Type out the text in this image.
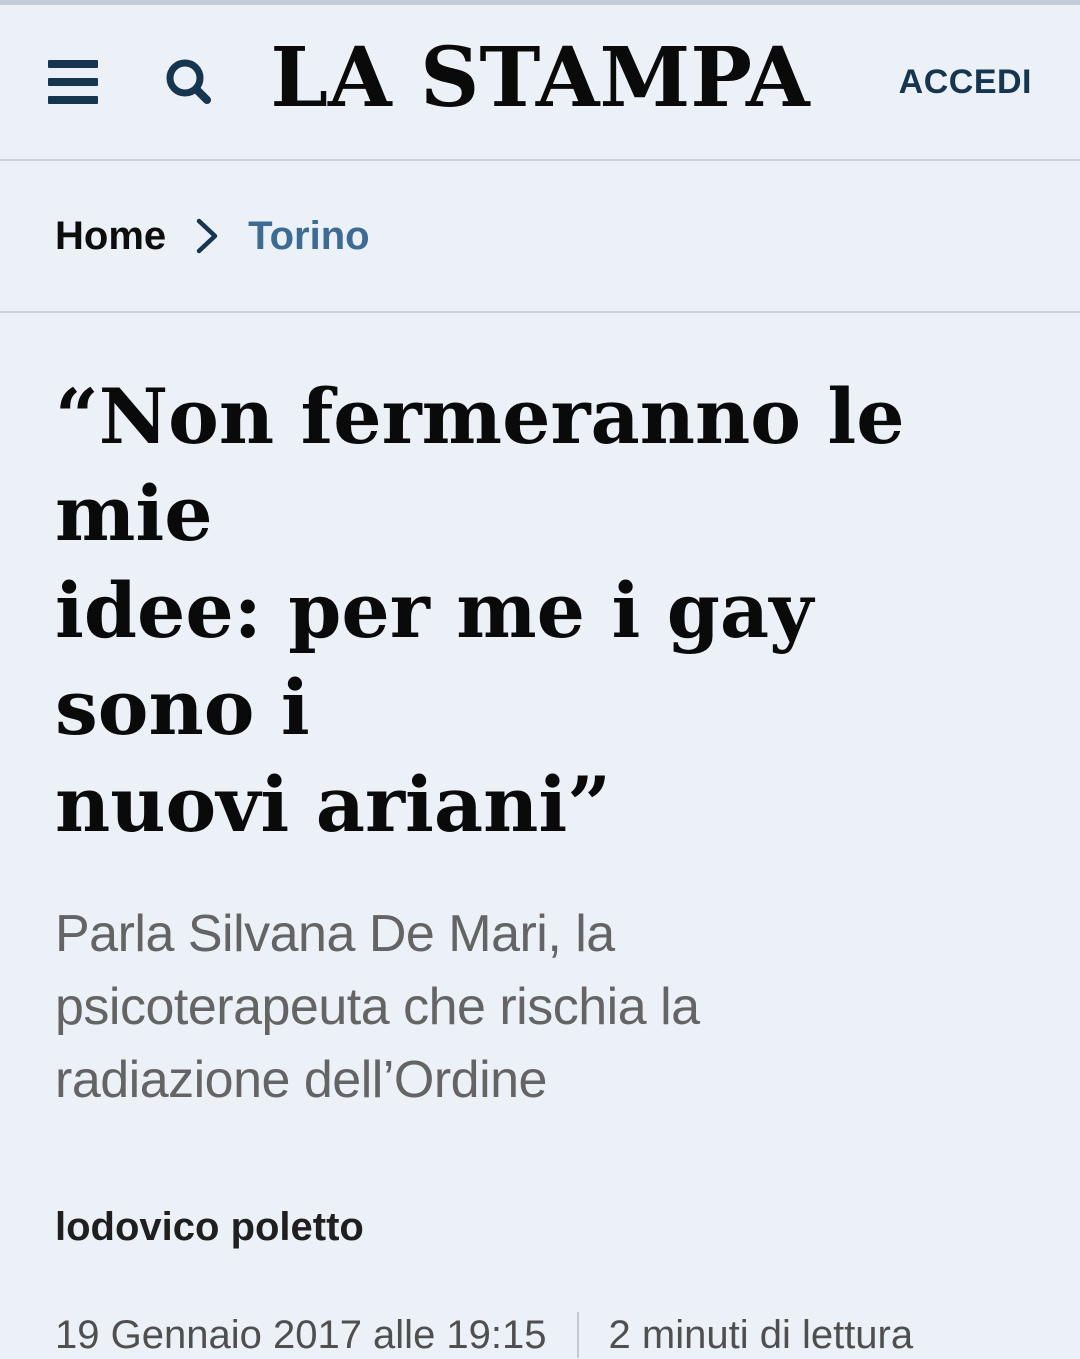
LA STAMPA	ACCEDI
Home Torino
“Non fermeranno le mie
idee: per me i gay sono i
nuovi ariani”
Parla Silvana De Mari, la
psicoterapeuta che rischia la
radiazione dell’Ordine
lodovico poletto
19 Gennaio 2017 alle 19:15 2 minuti di lettura
